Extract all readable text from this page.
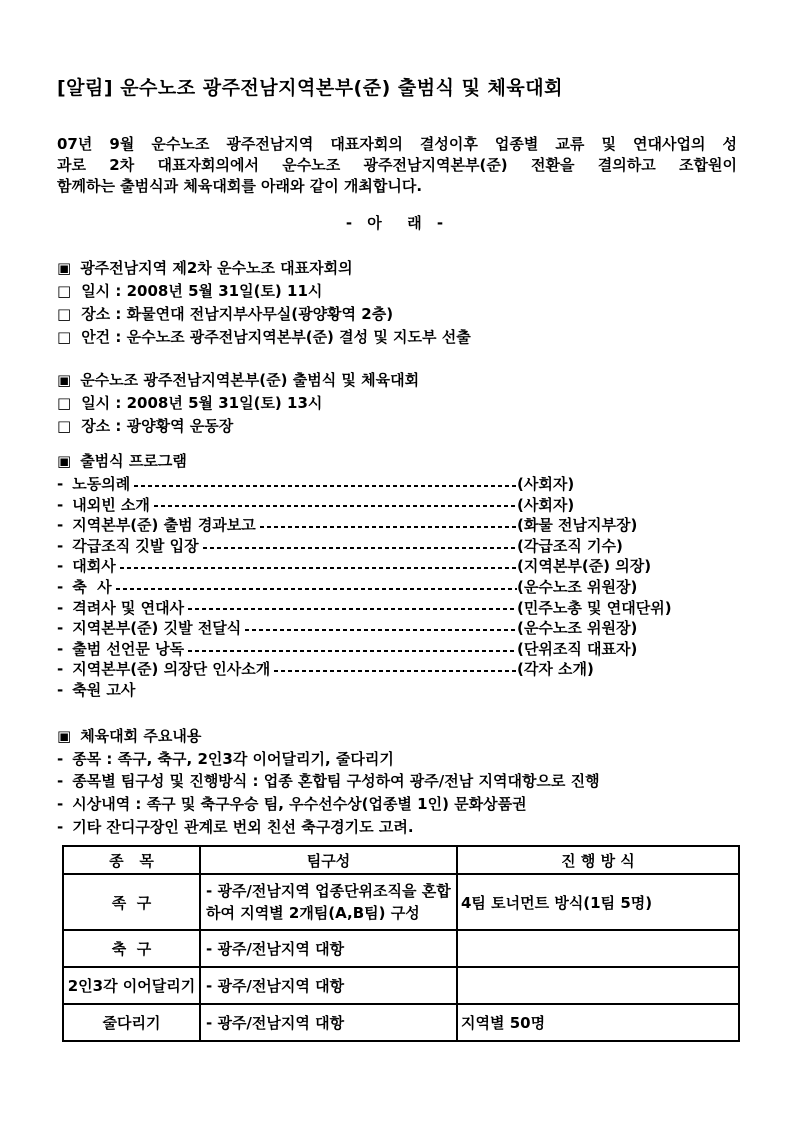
[알림] 운수노조 광주전남지역본부(준) 출범식 및 체육대회
07년 9월 운수노조 광주전남지역 대표자회의 결성이후 업종별 교류 및 연대사업의 성
과로 2차 대표자회의에서 운수노조 광주전남지역본부(준) 전환을 결의하고 조합원이
함께하는 출범식과 체육대회를 아래와 같이 개최합니다.
- 아  래 -
▣ 광주전남지역 제2차 운수노조 대표자회의
□ 일시 : 2008년 5월 31일(토) 11시
□ 장소 : 화물연대 전남지부사무실(광양황역 2층)
□ 안건 : 운수노조 광주전남지역본부(준) 결성 및 지도부 선출
▣ 운수노조 광주전남지역본부(준) 출범식 및 체육대회
□ 일시 : 2008년 5월 31일(토) 13시
□ 장소 : 광양황역 운동장
▣ 출범식 프로그램
- 노동의례	(사회자)
- 내외빈 소개	(사회자)
- 지역본부(준) 출범 경과보고	(화물 전남지부장)
- 각급조직 깃발 입장	(각급조직 기수)
- 대회사	(지역본부(준) 의장)
- 축  사	(운수노조 위원장)
- 격려사 및 연대사	(민주노총 및 연대단위)
- 지역본부(준) 깃발 전달식	(운수노조 위원장)
- 출범 선언문 낭독	(단위조직 대표자)
- 지역본부(준) 의장단 인사소개	(각자 소개)
- 축원 고사
▣ 체육대회 주요내용
- 종목 : 족구, 축구, 2인3각 이어달리기, 줄다리기
- 종목별 팀구성 및 진행방식 : 업종 혼합팀 구성하여 광주/전남 지역대항으로 진행
- 시상내역 : 족구 및 축구우승 팀, 우수선수상(업종별 1인) 문화상품권
- 기타 잔디구장인 관계로 번외 친선 축구경기도 고려.
종   목	팀구성	진 행 방 식
족  구	- 광주/전남지역 업종단위조직을 혼합하여 지역별 2개팀(A,B팀) 구성	4팀 토너먼트 방식(1팀 5명)
축  구	- 광주/전남지역 대항	
2인3각 이어달리기	- 광주/전남지역 대항	
줄다리기	- 광주/전남지역 대항	지역별 50명
